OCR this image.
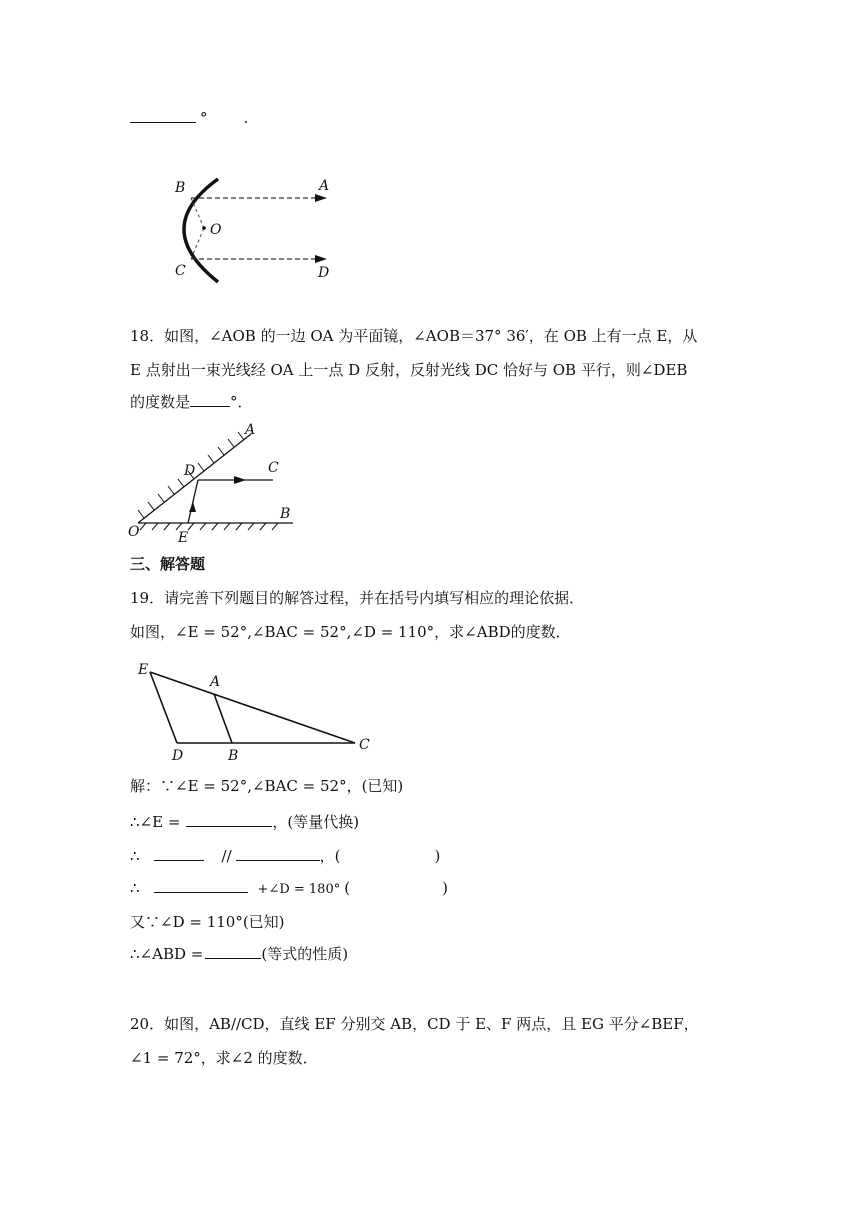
° .
B	A
O
C	D
18．如图，∠AOB 的一边 OA 为平面镜，∠AOB＝37° 36′，在 OB 上有一点 E，从
E 点射出一束光线经 OA 上一点 D 反射，反射光线 DC 恰好与 OB 平行，则∠DEB
的度数是	°．
A
D	C
B
O	E
三、解答题
19．请完善下列题目的解答过程，并在括号内填写相应的理论依据．
如图，∠E = 52°,∠BAC = 52°,∠D = 110°，求∠ABD的度数．
E
A
D	B
C
解：∵∠E = 52°,∠BAC = 52°，(已知)
∴∠E =	，(等量代换)
∴	//	，(	)
∴	+∠D = 180° (	)
又∵∠D = 110°(已知)
∴∠ABD =	(等式的性质)
20．如图，AB//CD，直线 EF 分别交 AB，CD 于 E、F 两点，且 EG 平分∠BEF，
∠1 = 72°，求∠2 的度数．
